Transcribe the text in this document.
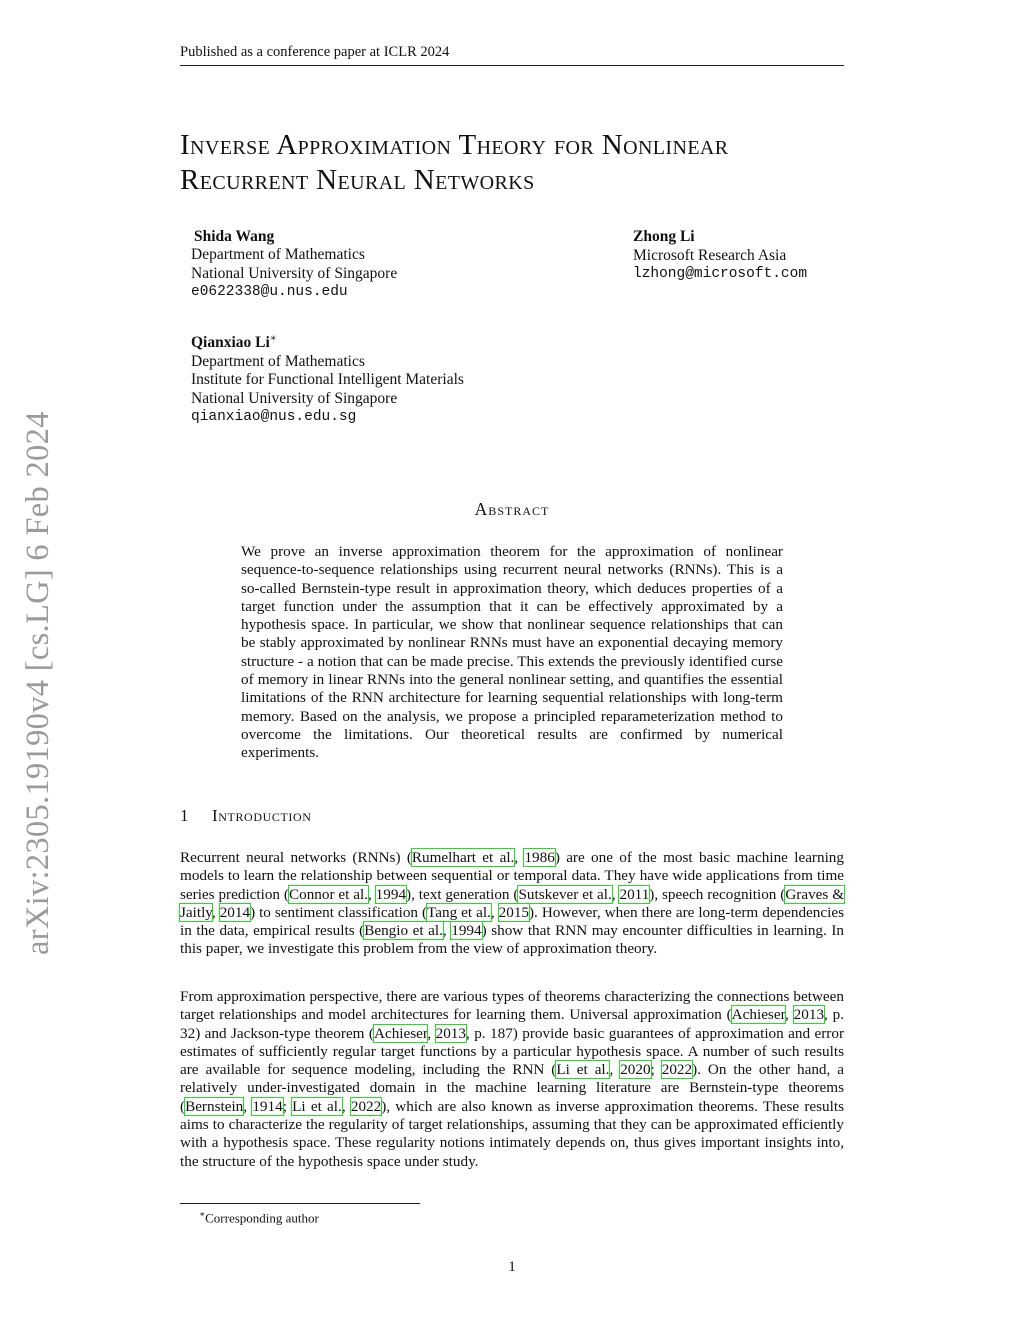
Published as a conference paper at ICLR 2024
Inverse Approximation Theory for Nonlinear
Recurrent Neural Networks
Shida Wang
Department of Mathematics
National University of Singapore
e0622338@u.nus.edu
Zhong Li
Microsoft Research Asia
lzhong@microsoft.com
Qianxiao Li∗
Department of Mathematics
Institute for Functional Intelligent Materials
National University of Singapore
qianxiao@nus.edu.sg
arXiv:2305.19190v4 [cs.LG] 6 Feb 2024	Abstract
We prove an inverse approximation theorem for the approximation of nonlinear sequence-to-sequence relationships using recurrent neural networks (RNNs). This is a so-called Bernstein-type result in approximation theory, which deduces properties of a target function under the assumption that it can be effectively approximated by a hypothesis space. In particular, we show that nonlinear sequence relationships that can be stably approximated by nonlinear RNNs must have an exponential decaying memory structure - a notion that can be made precise. This extends the previously identified curse of memory in linear RNNs into the general nonlinear setting, and quantifies the essential limitations of the RNN architecture for learning sequential relationships with long-term memory. Based on the analysis, we propose a principled reparameterization method to overcome the limitations. Our theoretical results are confirmed by numerical experiments.
1 Introduction
Recurrent neural networks (RNNs) (Rumelhart et al., 1986) are one of the most basic machine learning models to learn the relationship between sequential or temporal data. They have wide applications from time series prediction (Connor et al., 1994), text generation (Sutskever et al., 2011), speech recognition (Graves & Jaitly, 2014) to sentiment classification (Tang et al., 2015). However, when there are long-term dependencies in the data, empirical results (Bengio et al., 1994) show that RNN may encounter difficulties in learning. In this paper, we investigate this problem from the view of approximation theory.
From approximation perspective, there are various types of theorems characterizing the connections between target relationships and model architectures for learning them. Universal approximation (Achieser, 2013, p. 32) and Jackson-type theorem (Achieser, 2013, p. 187) provide basic guarantees of approximation and error estimates of sufficiently regular target functions by a particular hypothesis space. A number of such results are available for sequence modeling, including the RNN (Li et al., 2020; 2022). On the other hand, a relatively under-investigated domain in the machine learning literature are Bernstein-type theorems (Bernstein, 1914; Li et al., 2022), which are also known as inverse approximation theorems. These results aims to characterize the regularity of target relationships, assuming that they can be approximated efficiently with a hypothesis space. These regularity notions intimately depends on, thus gives important insights into, the structure of the hypothesis space under study.
∗Corresponding author
1
